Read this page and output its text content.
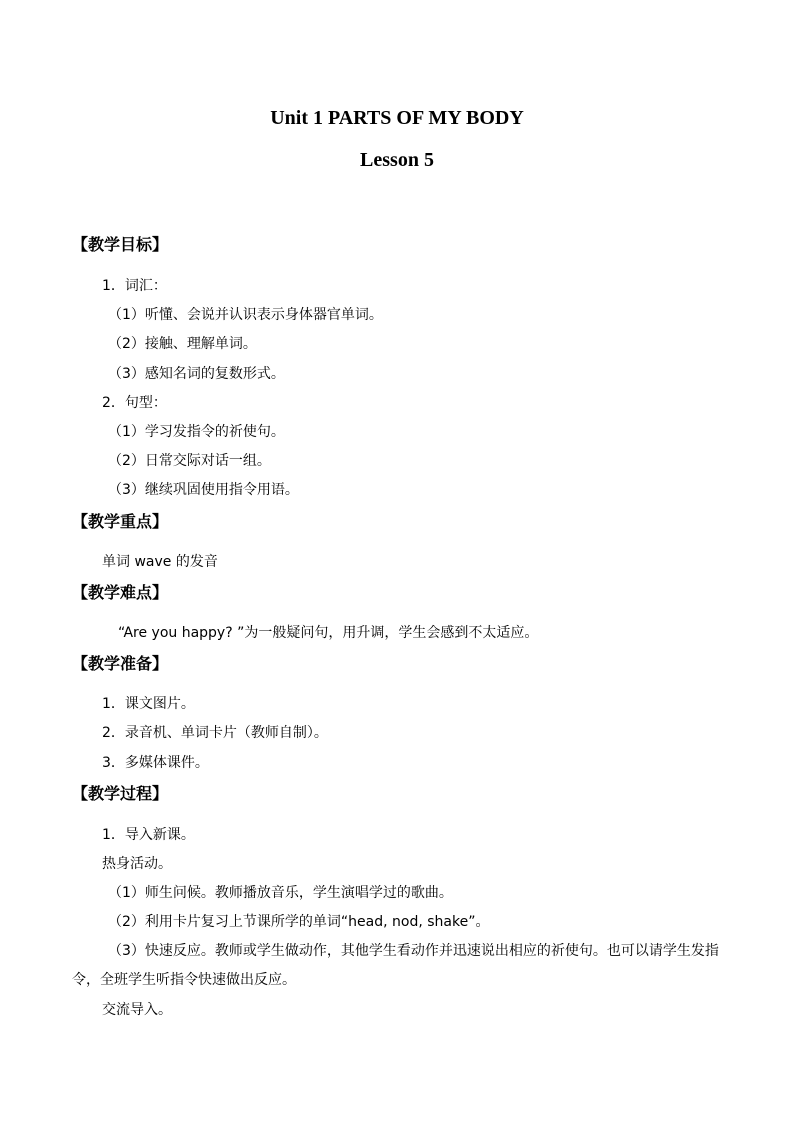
Unit 1 PARTS OF MY BODY
Lesson 5
【教学目标】
1．词汇：
（1）听懂、会说并认识表示身体器官单词。
（2）接触、理解单词。
（3）感知名词的复数形式。
2．句型：
（1）学习发指令的祈使句。
（2）日常交际对话一组。
（3）继续巩固使用指令用语。
【教学重点】
单词 wave 的发音
【教学难点】
“Are you happy? ”为一般疑问句，用升调，学生会感到不太适应。
【教学准备】
1．课文图片。
2．录音机、单词卡片（教师自制）。
3．多媒体课件。
【教学过程】
1．导入新课。
热身活动。
（1）师生问候。教师播放音乐，学生演唱学过的歌曲。
（2）利用卡片复习上节课所学的单词“head, nod, shake”。
（3）快速反应。教师或学生做动作，其他学生看动作并迅速说出相应的祈使句。也可以请学生发指令，全班学生听指令快速做出反应。
交流导入。
